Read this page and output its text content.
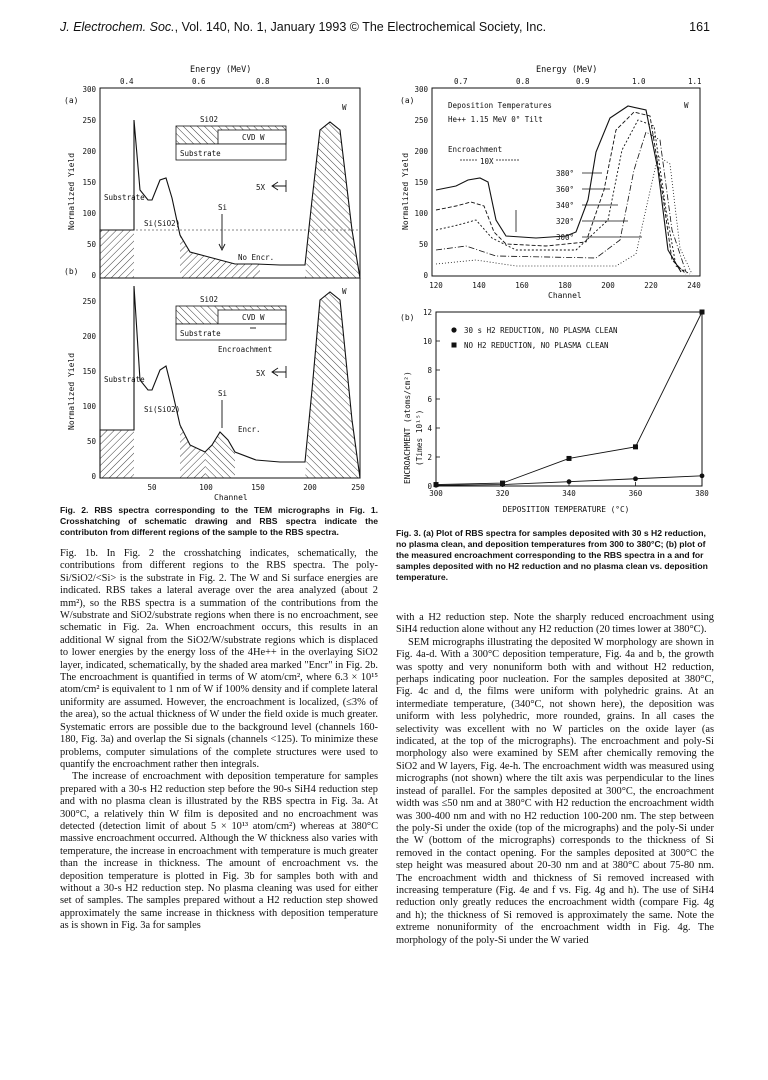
J. Electrochem. Soc., Vol. 140, No. 1, January 1993 © The Electrochemical Society, Inc.	161
Energy (MeV)
0.4	0.6	0.8	1.0
(a)
300
250
200
150
100
50
0
Normalized Yield
SiO2
CVD W
Substrate
W
5X
Si
Substrate
Si(SiO2)
No Encr.
(b)
250
200
150
100
50
0
Normalized Yield
SiO2
CVD W
Substrate
Encroachment
W
5X
Si
Substrate
Si(SiO2)
Encr.
50	100	150	200	250
Channel
Fig. 2. RBS spectra corresponding to the TEM micrographs in Fig. 1. Crosshatching of schematic drawing and RBS spectra indicate the contributon from different regions of the sample to the RBS spectra.
Energy (MeV)
0.7	0.8	0.9	1.0	1.1
(a)
300
250
200
150
100
50
0
Normalized Yield
Deposition Temperatures
He++ 1.15 MeV 0° Tilt
W
Encroachment
10X
380°
360°
340°
320°
300°
120	140	160	180	200	220	240
Channel
(b)
ENCROACHMENT (atoms/cm²) (Times 10¹⁵)
DEPOSITION TEMPERATURE (°C)
0
2
4
6
8
10
12
300	320	340	360	380
30 s H2 REDUCTION, NO PLASMA CLEAN
NO H2 REDUCTION, NO PLASMA CLEAN
Fig. 3. (a) Plot of RBS spectra for samples deposited with 30 s H2 reduction, no plasma clean, and deposition temperatures from 300 to 380°C; (b) plot of the measured encroachment corresponding to the RBS spectra in a and for samples deposited with no H2 reduction and no plasma clean vs. deposition temperature.

Fig. 1b. In Fig. 2 the crosshatching indicates, schematically, the contributions from different regions to the RBS spectra. The poly-Si/SiO2/<Si> is the substrate in Fig. 2. The W and Si surface energies are indicated. RBS takes a lateral average over the area analyzed (about 2 mm²), so the RBS spectra is a summation of the contributions from the W/substrate and SiO2/substrate regions when there is no encroachment, see schematic in Fig. 2a. When encroachment occurs, this results in an additional W signal from the SiO2/W/substrate regions which is displaced to lower energies by the energy loss of the 4He++ in the overlaying SiO2 layer, indicated, schematically, by the shaded area marked "Encr" in Fig. 2b. The encroachment is quantified in terms of W atom/cm², where 6.3 × 10¹⁵ atom/cm² is equivalent to 1 nm of W if 100% density and if complete lateral uniformity are assumed. However, the encroachment is localized, (≤3% of the area), so the actual thickness of W under the field oxide is much greater. Systematic errors are possible due to the background level (channels 160-180, Fig. 3a) and overlap the Si signals (channels <125). To minimize these problems, computer simulations of the complete structures were used to quantify the encroachment rather then integrals.

The increase of encroachment with deposition temperature for samples prepared with a 30-s H2 reduction step before the 90-s SiH4 reduction step and with no plasma clean is illustrated by the RBS spectra in Fig. 3a. At 300°C, a relatively thin W film is deposited and no encroachment was detected (detection limit of about 5 × 10¹³ atom/cm²) whereas at 380°C massive encroachment occurred. Although the W thickness also varies with temperature, the increase in encroachment with temperature is much greater than the increase in thickness. The amount of encroachment vs. the deposition temperature is plotted in Fig. 3b for samples both with and without a 30-s H2 reduction step. No plasma cleaning was used for either set of samples. The samples prepared without a H2 reduction step showed approximately the same increase in thickness with deposition temperature as is shown in Fig. 3a for samples

with a H2 reduction step. Note the sharply reduced encroachment using SiH4 reduction alone without any H2 reduction (20 times lower at 380°C).

SEM micrographs illustrating the deposited W morphology are shown in Fig. 4a-d. With a 300°C deposition temperature, Fig. 4a and b, the growth was spotty and very nonuniform both with and without H2 reduction, perhaps indicating poor nucleation. For the samples deposited at 380°C, Fig. 4c and d, the films were uniform with polyhedric grains. At an intermediate temperature, (340°C, not shown here), the deposition was uniform with less polyhedric, more rounded, grains. In all cases the selectivity was excellent with no W particles on the oxide layer (as indicated, at the top of the micrographs). The encroachment and poly-Si morphology also were examined by SEM after chemically removing the SiO2 and W layers, Fig. 4e-h. The encroachment width was measured using micrographs (not shown) where the tilt axis was perpendicular to the lines instead of parallel. For the samples deposited at 300°C, the encroachment width was ≤50 nm and at 380°C with H2 reduction the encroachment width was 300-400 nm and with no H2 reduction 100-200 nm. The step between the poly-Si under the oxide (top of the micrographs) and the poly-Si under the W (bottom of the micrographs) corresponds to the thickness of Si removed in the contact opening. For the samples deposited at 300°C the step height was measured about 20-30 nm and at 380°C about 75-80 nm. The encroachment width and thickness of Si removed increased with increasing temperature (Fig. 4e and f vs. Fig. 4g and h). The use of SiH4 reduction only greatly reduces the encroachment width (compare Fig. 4g and h); the thickness of Si removed is approximately the same. Note the extreme nonuniformity of the encroachment width in Fig. 4g. The morphology of the poly-Si under the W varied
